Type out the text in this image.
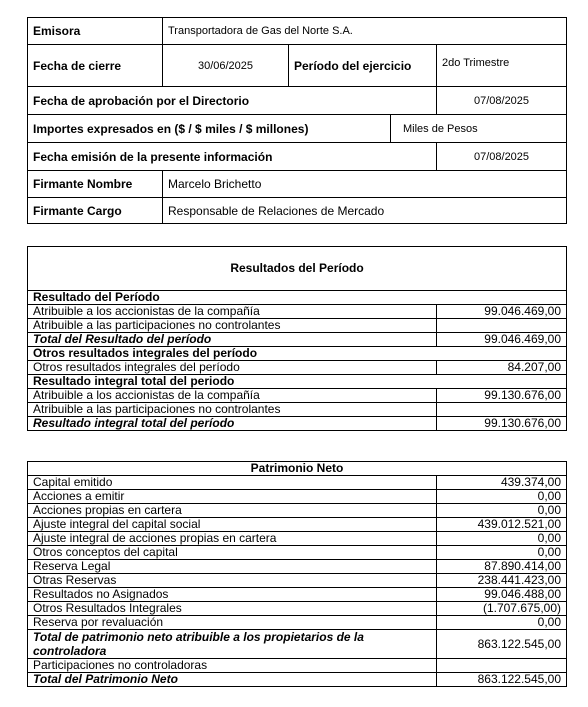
Emisora	Transportadora de Gas del Norte S.A.			
Fecha de cierre	30/06/2025	Período del ejercicio		2do Trimestre
Fecha de aprobación por el Directorio				07/08/2025
Importes expresados en ($ / $ miles / $ millones)			Miles de Pesos	
Fecha emisión de la presente información				07/08/2025
Firmante Nombre	Marcelo Brichetto			
Firmante Cargo	Responsable de Relaciones de Mercado			
Resultados del Período	
Resultado del Período	
Atribuible a los accionistas de la compañía	99.046.469,00
Atribuible a las participaciones no controlantes	
Total del Resultado del período	99.046.469,00
Otros resultados integrales del período	
Otros resultados integrales del período	84.207,00
Resultado integral total del periodo	
Atribuible a los accionistas de la compañía	99.130.676,00
Atribuible a las participaciones no controlantes	
Resultado integral total del período	99.130.676,00
Patrimonio Neto	
Capital emitido	439.374,00
Acciones a emitir	0,00
Acciones propias en cartera	0,00
Ajuste integral del capital social	439.012.521,00
Ajuste integral de acciones propias en cartera	0,00
Otros conceptos del capital	0,00
Reserva Legal	87.890.414,00
Otras Reservas	238.441.423,00
Resultados no Asignados	99.046.488,00
Otros Resultados Integrales	(1.707.675,00)
Reserva por revaluación	0,00
Total de patrimonio neto atribuible a los propietarios de la controladora	863.122.545,00
Participaciones no controladoras	
Total del Patrimonio Neto	863.122.545,00
